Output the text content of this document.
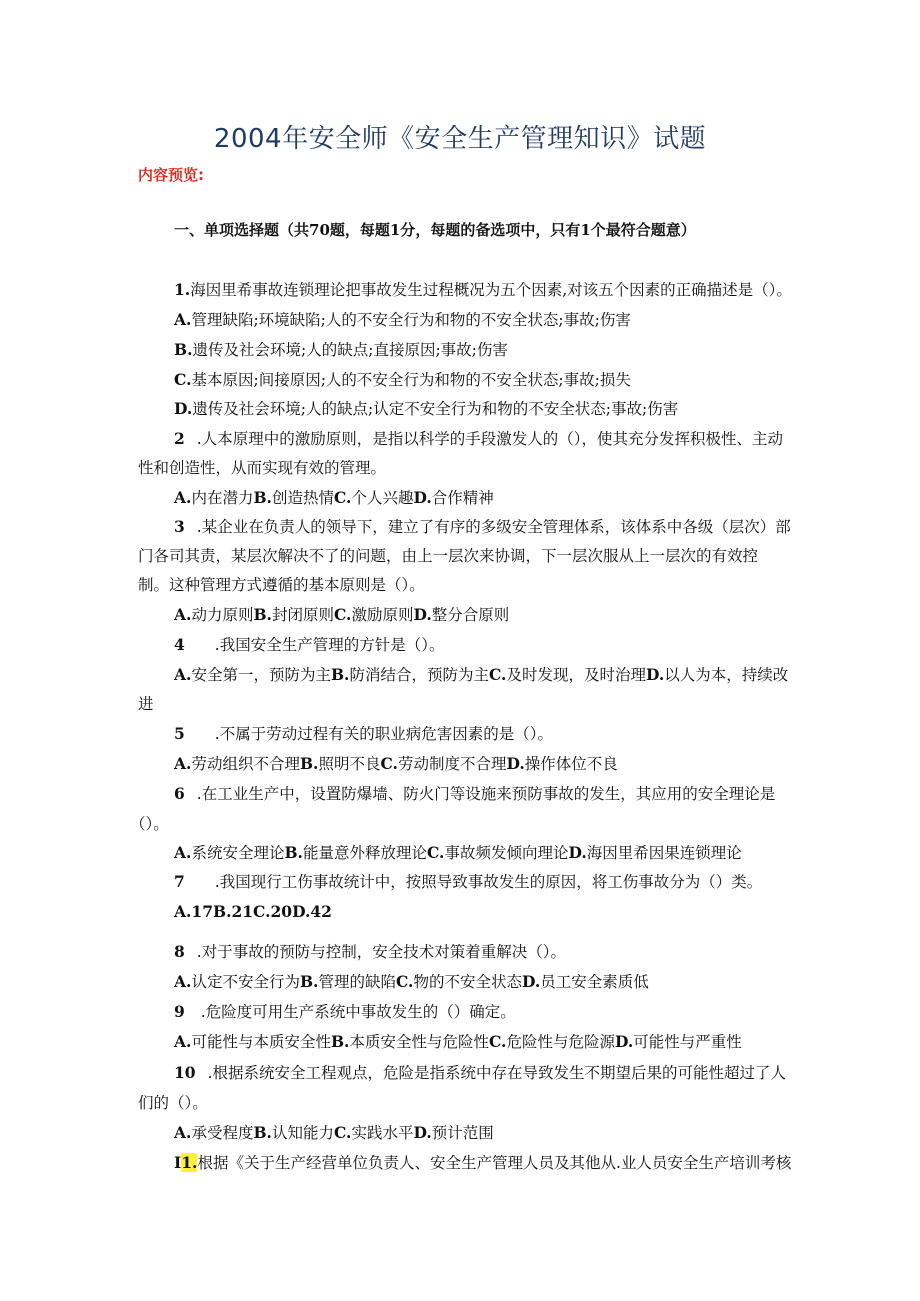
2004年安全师《安全生产管理知识》试题
内容预览:
一、单项选择题（共70题，每题1分，每题的备选项中，只有1个最符合题意）
1.海因里希事故连锁理论把事故发生过程概况为五个因素,对该五个因素的正确描述是（）。
A.管理缺陷;环境缺陷;人的不安全行为和物的不安全状态;事故;伤害
B.遗传及社会环境;人的缺点;直接原因;事故;伤害
C.基本原因;间接原因;人的不安全行为和物的不安全状态;事故;损失
D.遗传及社会环境;人的缺点;认定不安全行为和物的不安全状态;事故;伤害
2 .人本原理中的激励原则，是指以科学的手段激发人的（），使其充分发挥积极性、主动
性和创造性，从而实现有效的管理。
A.内在潜力B.创造热情C.个人兴趣D.合作精神
3 .某企业在负责人的领导下，建立了有序的多级安全管理体系，该体系中各级（层次）部
门各司其责，某层次解决不了的问题，由上一层次来协调，下一层次服从上一层次的有效控
制。这种管理方式遵循的基本原则是（）。
A.动力原则B.封闭原则C.激励原则D.整分合原则
4 .我国安全生产管理的方针是（）。
A.安全第一，预防为主B.防消结合，预防为主C.及时发现，及时治理D.以人为本，持续改
进
5 .不属于劳动过程有关的职业病危害因素的是（）。
A.劳动组织不合理B.照明不良C.劳动制度不合理D.操作体位不良
6 .在工业生产中，设置防爆墙、防火门等设施来预防事故的发生，其应用的安全理论是
（）。
A.系统安全理论B.能量意外释放理论C.事故频发倾向理论D.海因里希因果连锁理论
7 .我国现行工伤事故统计中，按照导致事故发生的原因，将工伤事故分为（）类。
A.17B.21C.20D.42
8 .对于事故的预防与控制，安全技术对策着重解决（）。
A.认定不安全行为B.管理的缺陷C.物的不安全状态D.员工安全素质低
9 .危险度可用生产系统中事故发生的（）确定。
A.可能性与本质安全性B.本质安全性与危险性C.危险性与危险源D.可能性与严重性
10 .根据系统安全工程观点，危险是指系统中存在导致发生不期望后果的可能性超过了人
们的（）。
A.承受程度B.认知能力C.实践水平D.预计范围
I1.根据《关于生产经营单位负责人、安全生产管理人员及其他从.业人员安全生产培训考核
